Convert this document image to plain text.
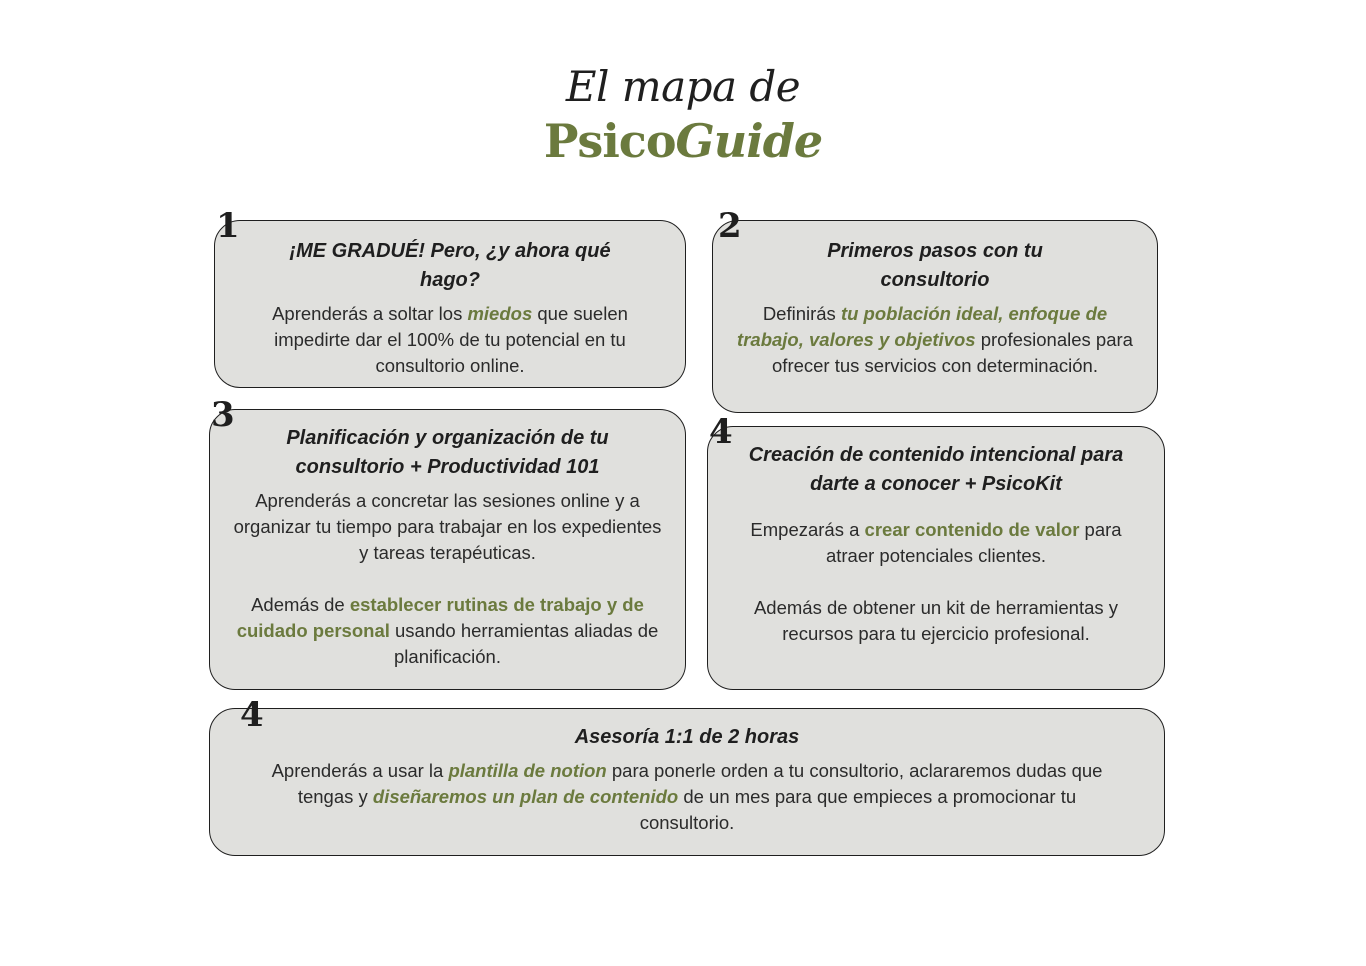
El mapa de
PsicoGuide
¡ME GRADUÉ! Pero, ¿y ahora qué hago?

Aprenderás a soltar los miedos que suelen impedirte dar el 100% de tu potencial en tu consultorio online.

1
Primeros pasos con tu consultorio

Definirás tu población ideal, enfoque de trabajo, valores y objetivos profesionales para ofrecer tus servicios con determinación.

2
Planificación y organización de tu consultorio + Productividad 101

Aprenderás a concretar las sesiones online y a organizar tu tiempo para trabajar en los expedientes y tareas terapéuticas.

Además de establecer rutinas de trabajo y de cuidado personal usando herramientas aliadas de planificación.

3
Creación de contenido intencional para darte a conocer + PsicoKit

Empezarás a crear contenido de valor para atraer potenciales clientes.

Además de obtener un kit de herramientas y recursos para tu ejercicio profesional.

4
Asesoría 1:1 de 2 horas

Aprenderás a usar la plantilla de notion para ponerle orden a tu consultorio, aclararemos dudas que tengas y diseñaremos un plan de contenido de un mes para que empieces a promocionar tu consultorio.

4
